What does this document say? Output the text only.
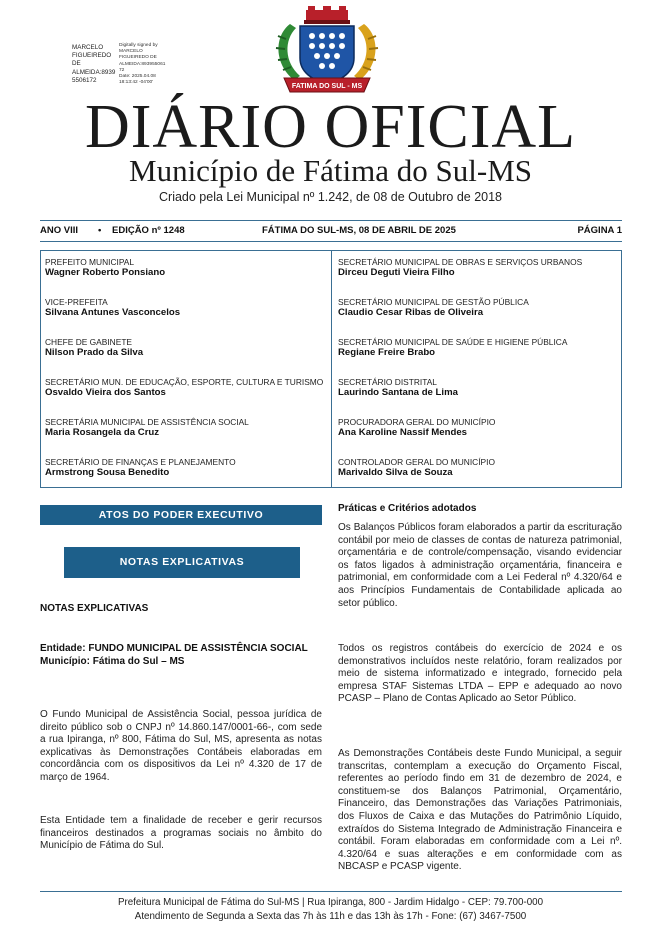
MARCELO
FIGUEIREDO
DE
ALMEIDA:8939
5506172
Digitally signed by
MARCELO
FIGUEIREDO DE
ALMEIDA:893955061
72
Date: 2025.04.08
18:13:42 -04'00'
FATIMA DO SUL - MS
DIÁRIO OFICIAL
Município de Fátima do Sul-MS
Criado pela Lei Municipal nº 1.242, de 08 de Outubro de 2018
ANO VIII • EDIÇÃO nº 1248	FÁTIMA DO SUL-MS, 08 DE ABRIL DE 2025	PÁGINA 1
PREFEITO MUNICIPAL
Wagner Roberto Ponsiano
VICE-PREFEITA
Silvana Antunes Vasconcelos
CHEFE DE GABINETE
Nilson Prado da Silva
SECRETÁRIO MUN. DE EDUCAÇÃO, ESPORTE, CULTURA E TURISMO
Osvaldo Vieira dos Santos
SECRETÁRIA MUNICIPAL DE ASSISTÊNCIA SOCIAL
Maria Rosangela da Cruz
SECRETÁRIO DE FINANÇAS E PLANEJAMENTO
Armstrong Sousa Benedito
SECRETÁRIO MUNICIPAL DE OBRAS E SERVIÇOS URBANOS
Dirceu Deguti Vieira Filho
SECRETÁRIO MUNICIPAL DE GESTÃO PÚBLICA
Claudio Cesar Ribas de Oliveira
SECRETÁRIO MUNICIPAL DE SAÚDE E HIGIENE PÚBLICA
Regiane Freire Brabo
SECRETÁRIO DISTRITAL
Laurindo Santana de Lima
PROCURADORA GERAL DO MUNICÍPIO
Ana Karoline Nassif Mendes
CONTROLADOR GERAL DO MUNICÍPIO
Marivaldo Silva de Souza
ATOS DO PODER EXECUTIVO
NOTAS EXPLICATIVAS
NOTAS EXPLICATIVAS
Entidade: FUNDO MUNICIPAL DE ASSISTÊNCIA SOCIAL
Município: Fátima do Sul – MS
O Fundo Municipal de Assistência Social, pessoa jurídica de direito público sob o CNPJ nº 14.860.147/0001-66-, com sede a rua Ipiranga, nº 800, Fátima do Sul, MS, apresenta as notas explicativas às Demonstrações Contábeis elaboradas em concordância com os dispositivos da Lei nº 4.320 de 17 de março de 1964.
Esta Entidade tem a finalidade de receber e gerir recursos financeiros destinados a programas sociais no âmbito do Município de Fátima do Sul.
Práticas e Critérios adotados
Os Balanços Públicos foram elaborados a partir da escrituração contábil por meio de classes de contas de natureza patrimonial, orçamentária e de controle/compensação, visando evidenciar os fatos ligados à administração orçamentária, financeira e patrimonial, em conformidade com a Lei Federal nº 4.320/64 e aos Princípios Fundamentais de Contabilidade aplicada ao setor público.
Todos os registros contábeis do exercício de 2024 e os demonstrativos incluídos neste relatório, foram realizados por meio de sistema informatizado e integrado, fornecido pela empresa STAF Sistemas LTDA – EPP e adequado ao novo PCASP – Plano de Contas Aplicado ao Setor Público.
As Demonstrações Contábeis deste Fundo Municipal, a seguir transcritas, contemplam a execução do Orçamento Fiscal, referentes ao período findo em 31 de dezembro de 2024, e constituem-se dos Balanços Patrimonial, Orçamentário, Financeiro, das Demonstrações das Variações Patrimoniais, dos Fluxos de Caixa e das Mutações do Patrimônio Líquido, extraídos do Sistema Integrado de Administração Financeira e contábil. Foram elaboradas em conformidade com a Lei nº. 4.320/64 e suas alterações e em conformidade com as NBCASP e PCASP vigente.
Prefeitura Municipal de Fátima do Sul-MS | Rua Ipiranga, 800 - Jardim Hidalgo - CEP: 79.700-000
Atendimento de Segunda a Sexta das 7h às 11h e das 13h às 17h - Fone: (67) 3467-7500
